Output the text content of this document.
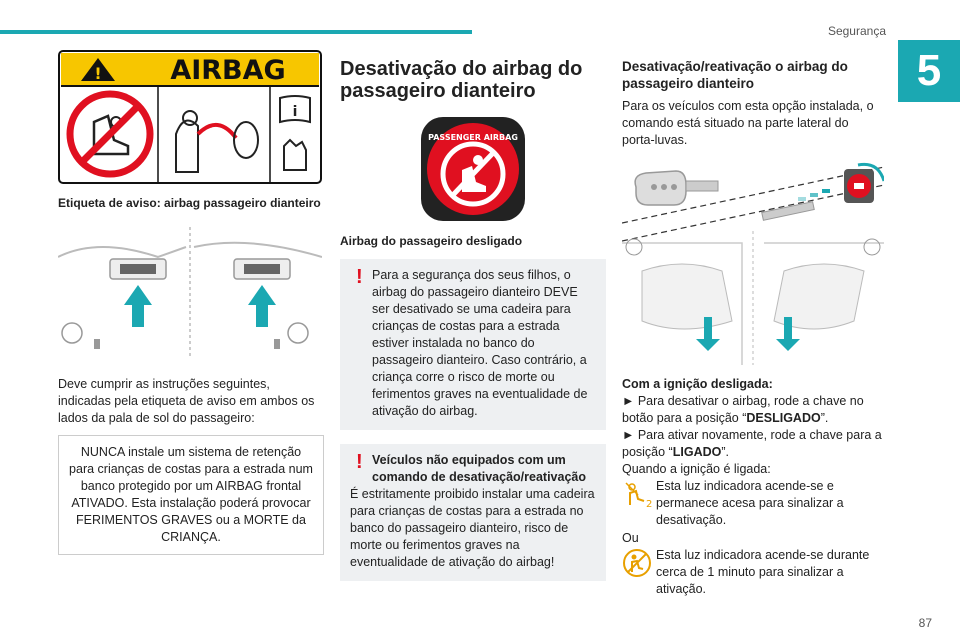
Segurança
5
!	AIRBAG
i
Etiqueta de aviso: airbag passageiro dianteiro
Deve cumprir as instruções seguintes, indicadas pela etiqueta de aviso em ambos os lados da pala de sol do passageiro:
NUNCA instale um sistema de retenção para crianças de costas para a estrada num banco protegido por um AIRBAG frontal ATIVADO. Esta instalação poderá provocar FERIMENTOS GRAVES ou a MORTE da CRIANÇA.
Desativação do airbag do passageiro dianteiro
PASSENGER AIRBAG
Airbag do passageiro desligado
! Para a segurança dos seus filhos, o airbag do passageiro dianteiro DEVE ser desativado se uma cadeira para crianças de costas para a estrada estiver instalada no banco do passageiro dianteiro. Caso contrário, a criança corre o risco de morte ou ferimentos graves na eventualidade de ativação do airbag.
! Veículos não equipados com um comando de desativação/reativação
É estritamente proibido instalar uma cadeira para crianças de costas para a estrada no banco do passageiro dianteiro, risco de morte ou ferimentos graves na eventualidade de ativação do airbag!
Desativação/reativação o airbag do passageiro dianteiro
Para os veículos com esta opção instalada, o comando está situado na parte lateral do porta-luvas.
Com a ignição desligada:
► Para desativar o airbag, rode a chave no botão para a posição “DESLIGADO”.
► Para ativar novamente, rode a chave para a posição “LIGADO”.
Quando a ignição é ligada:
2
Esta luz indicadora acende-se e permanece acesa para sinalizar a desativação.
Ou
Esta luz indicadora acende-se durante cerca de 1 minuto para sinalizar a ativação.
87
